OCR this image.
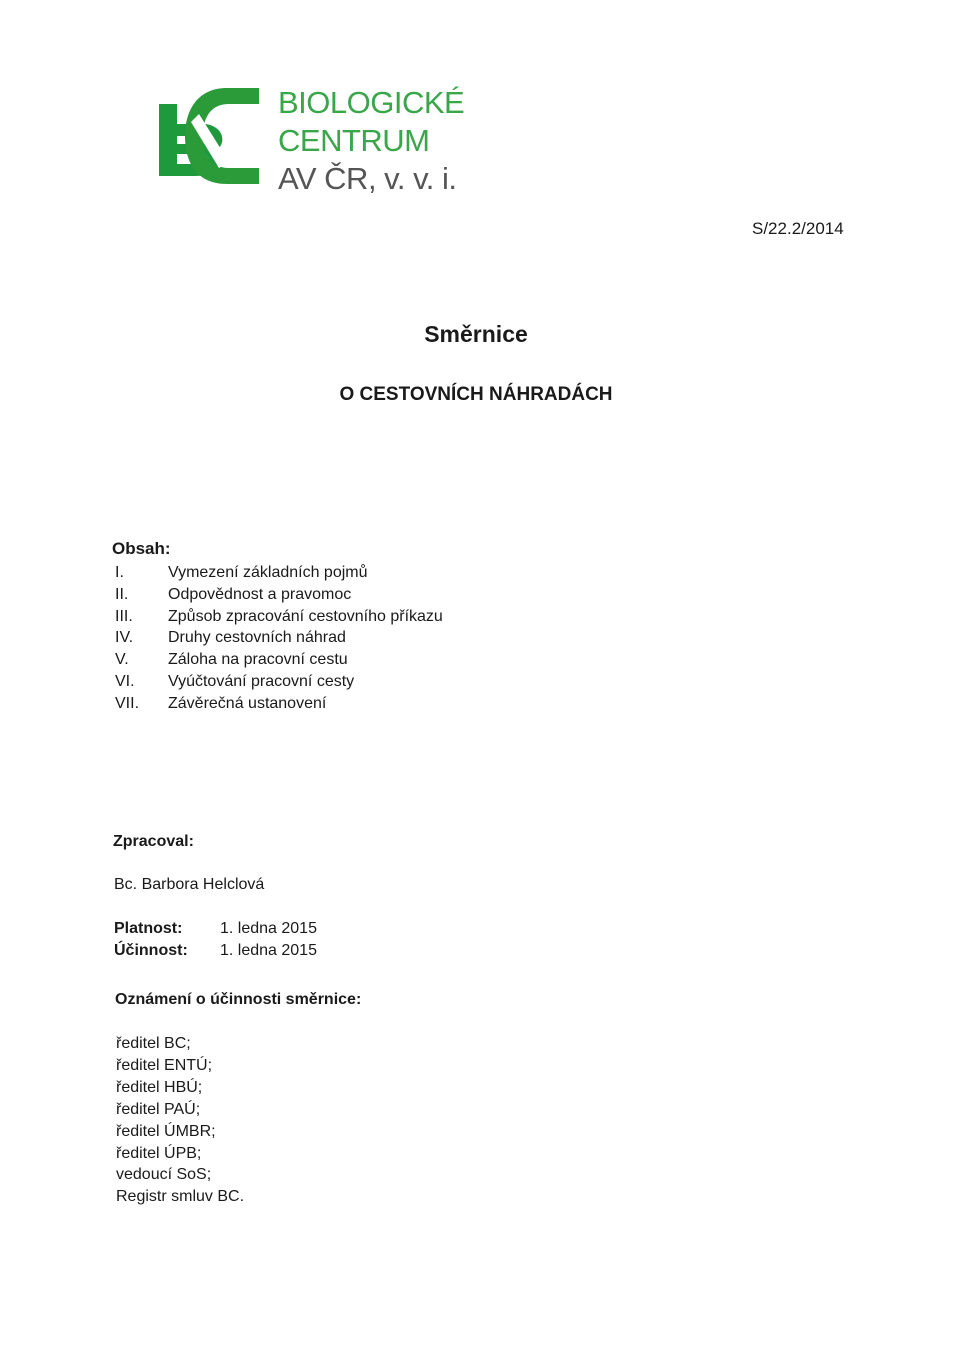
BIOLOGICKÉ
CENTRUM
AV ČR, v. v. i.
S/22.2/2014
Směrnice
O CESTOVNÍCH NÁHRADÁCH
Obsah:
I.	Vymezení základních pojmů
II. Odpovědnost a pravomoc
III. Způsob zpracování cestovního příkazu
IV. Druhy cestovních náhrad
V. Záloha na pracovní cestu
VI. Vyúčtování pracovní cesty
VII. Závěrečná ustanovení
Zpracoval:
Bc. Barbora Helclová
Platnost: 1. ledna 2015
Účinnost: 1. ledna 2015
Oznámení o účinnosti směrnice:
ředitel BC;
ředitel ENTÚ;
ředitel HBÚ;
ředitel PAÚ;
ředitel ÚMBR;
ředitel ÚPB;
vedoucí SoS;
Registr smluv BC.
